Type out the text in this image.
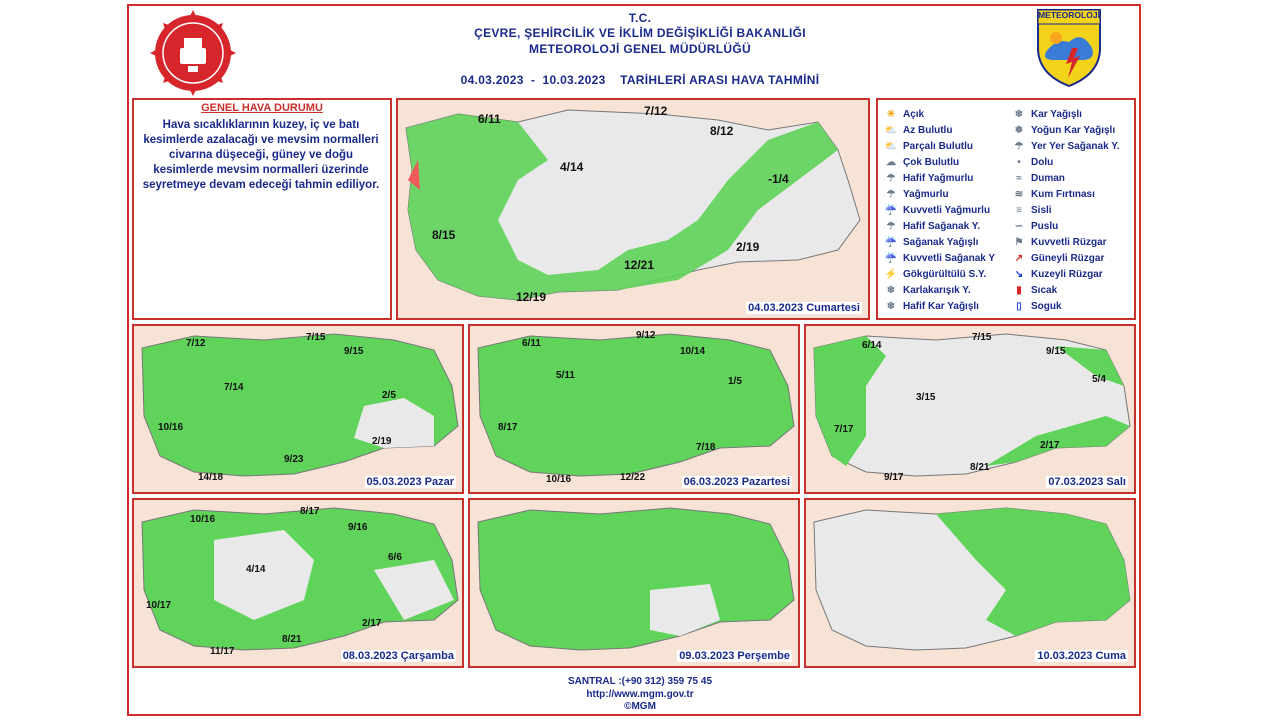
METEOROLOJİ
T.C.
ÇEVRE, ŞEHİRCİLİK VE İKLİM DEĞİŞİKLİĞİ BAKANLIĞI
METEOROLOJİ GENEL MÜDÜRLÜĞÜ
04.03.2023  -  10.03.2023    TARİHLERİ ARASI HAVA TAHMİNİ
GENEL HAVA DURUMU
Hava sıcaklıklarının kuzey, iç ve batı kesimlerde azalacağı ve mevsim normalleri civarına düşeceği, güney ve doğu kesimlerde mevsim normalleri üzerinde seyretmeye devam edeceği tahmin ediliyor.
6/11
7/12
8/12
4/14
-1/4
8/15
2/19
12/21
12/19
04.03.2023 Cumartesi
☀ Açık
⛅ Az Bulutlu
⛅ Parçalı Bulutlu
☁ Çok Bulutlu
☂ Hafif Yağmurlu
☂ Yağmurlu
☔ Kuvvetli Yağmurlu
☂ Hafif Sağanak Y.
☔ Sağanak Yağışlı
☔ Kuvvetli Sağanak Y
⚡ Gökgürültülü S.Y.
❄ Karlakarışık Y.
❄ Hafif Kar Yağışlı
❄ Kar Yağışlı
❅ Yoğun Kar Yağışlı
☂ Yer Yer Sağanak Y.
•	Dolu
≈ Duman
≋ Kum Fırtınası
≡ Sisli
∽ Puslu
⚑ Kuvvetli Rüzgar
↗ Güneyli Rüzgar
↘ Kuzeyli Rüzgar
▮ Sıcak
▯ Soguk
7/12
7/15
9/15
7/14
2/5
10/16
2/19
9/23
14/18	05.03.2023 Pazar
6/11
9/12
10/14
5/11
1/5
8/17
7/18
10/16	12/22	06.03.2023 Pazartesi
6/14
7/15
9/15
3/15
5/4
7/17
2/17
8/21
9/17	07.03.2023 Salı
10/16
8/17
9/16
4/14
6/6
10/17
2/17
8/21
11/17	08.03.2023 Çarşamba	09.03.2023 Perşembe	10.03.2023 Cuma
SANTRAL :(+90 312) 359 75 45
http://www.mgm.gov.tr
©MGM
